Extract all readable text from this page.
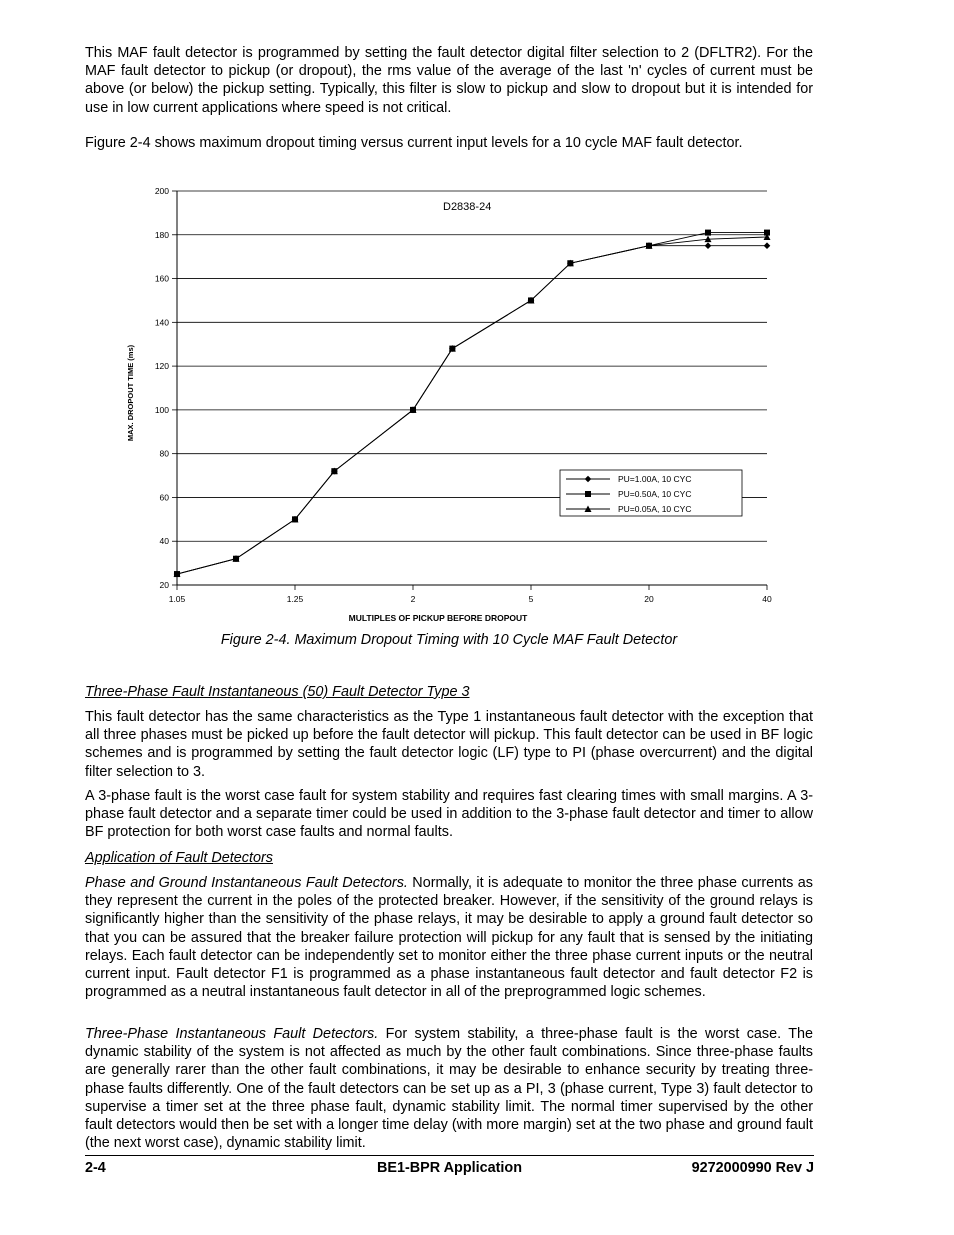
This MAF fault detector is programmed by setting the fault detector digital filter selection to 2 (DFLTR2). For the MAF fault detector to pickup (or dropout), the rms value of the average of the last 'n' cycles of current must be above (or below) the pickup setting. Typically, this filter is slow to pickup and slow to dropout but it is intended for use in low current applications where speed is not critical.

Figure 2-4 shows maximum dropout timing versus current input levels for a 10 cycle MAF fault detector.

20
40
60
80
100
120
140
160
180
200
1.05	1.25	2	5	20	40
D2838-24
MULTIPLES OF PICKUP BEFORE DROPOUT
MAX. DROPOUT TIME (ms)
PU=1.00A, 10 CYC
PU=0.50A, 10 CYC
PU=0.05A, 10 CYC
Figure 2-4. Maximum Dropout Timing with 10 Cycle MAF Fault Detector
Three-Phase Fault Instantaneous (50) Fault Detector Type 3

This fault detector has the same characteristics as the Type 1 instantaneous fault detector with the exception that all three phases must be picked up before the fault detector will pickup. This fault detector can be used in BF logic schemes and is programmed by setting the fault detector logic (LF) type to PI (phase overcurrent) and the digital filter selection to 3.

A 3-phase fault is the worst case fault for system stability and requires fast clearing times with small margins. A 3-phase fault detector and a separate timer could be used in addition to the 3-phase fault detector and timer to allow BF protection for both worst case faults and normal faults.

Application of Fault Detectors

Phase and Ground Instantaneous Fault Detectors. Normally, it is adequate to monitor the three phase currents as they represent the current in the poles of the protected breaker. However, if the sensitivity of the ground relays is significantly higher than the sensitivity of the phase relays, it may be desirable to apply a ground fault detector so that you can be assured that the breaker failure protection will pickup for any fault that is sensed by the initiating relays. Each fault detector can be independently set to monitor either the three phase current inputs or the neutral current input. Fault detector F1 is programmed as a phase instantaneous fault detector and fault detector F2 is programmed as a neutral instantaneous fault detector in all of the preprogrammed logic schemes.

Three-Phase Instantaneous Fault Detectors. For system stability, a three-phase fault is the worst case. The dynamic stability of the system is not affected as much by the other fault combinations. Since three-phase faults are generally rarer than the other fault combinations, it may be desirable to enhance security by treating three-phase faults differently. One of the fault detectors can be set up as a PI, 3 (phase current, Type 3) fault detector to supervise a timer set at the three phase fault, dynamic stability limit. The normal timer supervised by the other fault detectors would then be set with a longer time delay (with more margin) set at the two phase and ground fault (the next worst case), dynamic stability limit.

2-4	BE1-BPR Application	9272000990 Rev J
